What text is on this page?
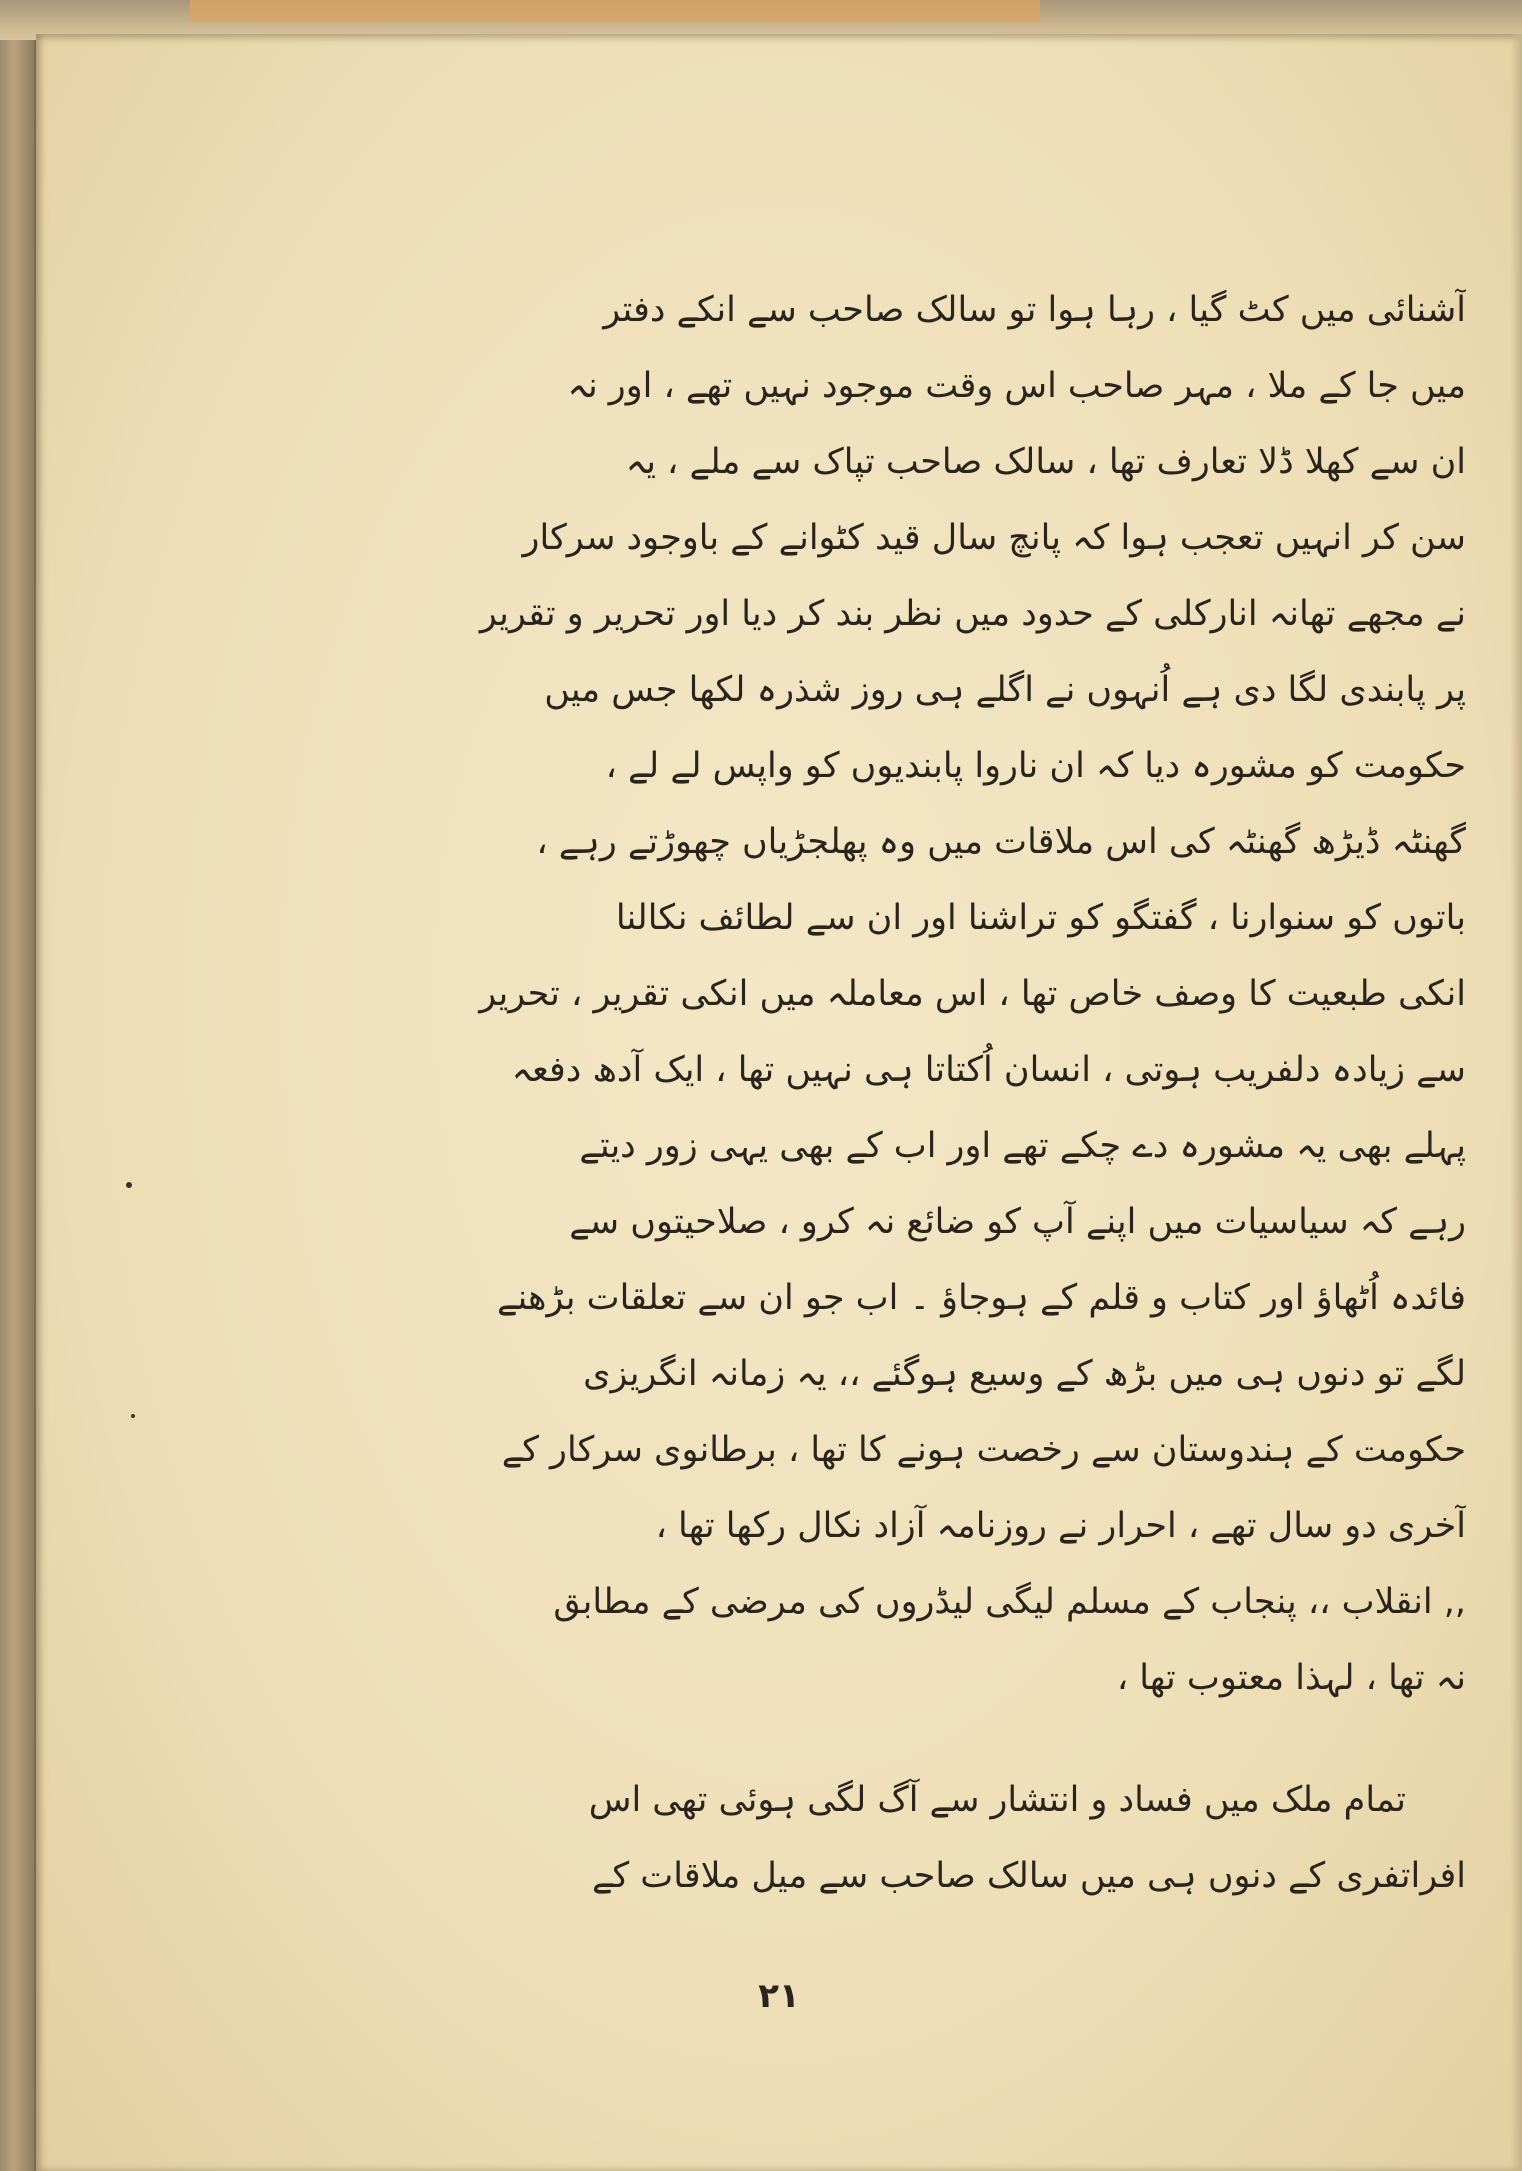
آشنائی میں کٹ گیا ، رہا ہوا تو سالک صاحب سے انکے دفتر
میں جا کے ملا ، مہر صاحب اس وقت موجود نہیں تھے ، اور نہ
ان سے کھلا ڈلا تعارف تھا ، سالک صاحب تپاک سے ملے ، یہ
سن کر انہیں تعجب ہوا کہ پانچ سال قید کٹوانے کے باوجود سرکار
نے مجھے تھانہ انارکلی کے حدود میں نظر بند کر دیا اور تحریر و تقریر
پر پابندی لگا دی ہے اُنہوں نے اگلے ہی روز شذرہ لکھا جس میں
حکومت کو مشورہ دیا کہ ان ناروا پابندیوں کو واپس لے لے ،
گھنٹہ ڈیڑھ گھنٹہ کی اس ملاقات میں وہ پھلجڑیاں چھوڑتے رہے ،
باتوں کو سنوارنا ، گفتگو کو تراشنا اور ان سے لطائف نکالنا
انکی طبعیت کا وصف خاص تھا ، اس معاملہ میں انکی تقریر ، تحریر
سے زیادہ دلفریب ہوتی ، انسان اُکتاتا ہی نہیں تھا ، ایک آدھ دفعہ
پہلے بھی یہ مشورہ دے چکے تھے اور اب کے بھی یہی زور دیتے
رہے کہ سیاسیات میں اپنے آپ کو ضائع نہ کرو ، صلاحیتوں سے
فائدہ اُٹھاؤ اور کتاب و قلم کے ہوجاؤ ۔ اب جو ان سے تعلقات بڑھنے
لگے تو دنوں ہی میں بڑھ کے وسیع ہوگئے ،، یہ زمانہ انگریزی
حکومت کے ہندوستان سے رخصت ہونے کا تھا ، برطانوی سرکار کے
آخری دو سال تھے ، احرار نے روزنامہ آزاد نکال رکھا تھا ،
,, انقلاب ،، پنجاب کے مسلم لیگی لیڈروں کی مرضی کے مطابق
نہ تھا ، لہذا معتوب تھا ،
تمام ملک میں فساد و انتشار سے آگ لگی ہوئی تھی اس
افراتفری کے دنوں ہی میں سالک صاحب سے میل ملاقات کے
۲۱
